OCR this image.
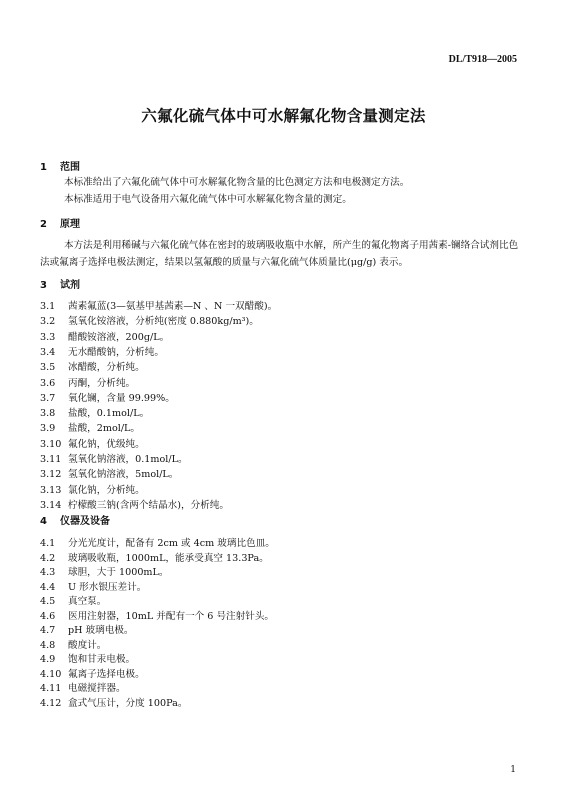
DL/T918—2005
六氟化硫气体中可水解氟化物含量测定法
1 范围
本标准给出了六氟化硫气体中可水解氟化物含量的比色测定方法和电极测定方法。
本标准适用于电气设备用六氟化硫气体中可水解氟化物含量的测定。
2 原理
本方法是利用稀碱与六氟化硫气体在密封的玻璃吸收瓶中水解，所产生的氟化物离子用茜素-镧络合试剂比色法或氟离子选择电极法测定，结果以氢氟酸的质量与六氟化硫气体质量比(μg/g) 表示。
3 试剂
3.1 茜素氟蓝(3—氨基甲基茜素—N 、N 一双醋酸)。
3.2 氢氧化铵溶液，分析纯(密度 0.880kg/m³)。
3.3 醋酸铵溶液，200g/L。
3.4 无水醋酸钠，分析纯。
3.5 冰醋酸，分析纯。
3.6 丙酮，分析纯。
3.7 氧化镧，含量 99.99%。
3.8 盐酸，0.1mol/L。
3.9 盐酸，2mol/L。
3.10 氟化钠，优级纯。
3.11 氢氧化钠溶液，0.1mol/L。
3.12 氢氧化钠溶液，5mol/L。
3.13 氯化钠，分析纯。
3.14 柠檬酸三钠(含两个结晶水)，分析纯。
4 仪器及设备
4.1 分光光度计，配备有 2cm 或 4cm 玻璃比色皿。
4.2 玻璃吸收瓶，1000mL，能承受真空 13.3Pa。
4.3 球胆，大于 1000mL。
4.4 U 形水银压差计。
4.5 真空泵。
4.6 医用注射器，10mL 并配有一个 6 号注射针头。
4.7 pH 玻璃电极。
4.8 酸度计。
4.9 饱和甘汞电极。
4.10 氟离子选择电极。
4.11 电磁搅拌器。
4.12 盒式气压计，分度 100Pa。
1
